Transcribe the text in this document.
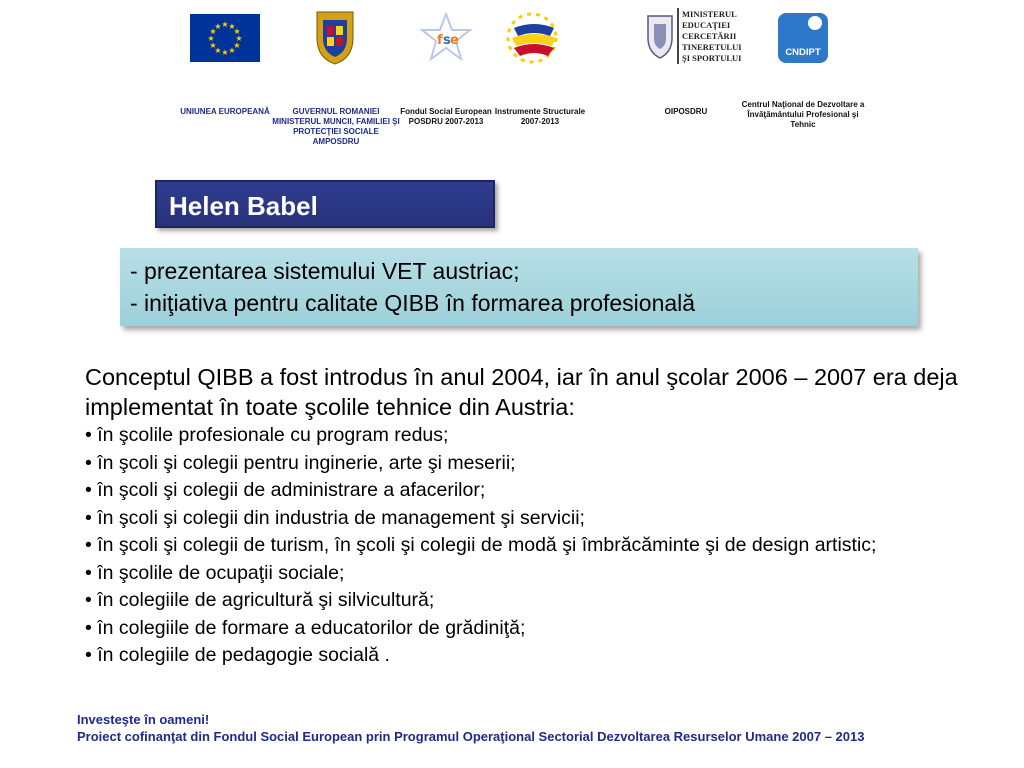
★ ★
★
★
★
★
★
★
★
★
★
★
UNIUNEA EUROPEANĂ	GUVERNUL ROMANIEI
MINISTERUL MUNCII, FAMILIEI ŞI
PROTECŢIEI SOCIALE
AMPOSDRU
f s e
Fondul Social European
POSDRU 2007-2013
Instrumente Structurale
2007-2013
MINISTERUL
EDUCAŢIEI
CERCETĂRII
TINERETULUI
ŞI SPORTULUI
OIPOSDRU
CNDIPT
Centrul Naţional de Dezvoltare a
Învăţământului Profesional şi
Tehnic
Helen Babel
- prezentarea sistemului VET austriac;
- iniţiativa pentru calitate QIBB în formarea profesională
Conceptul QIBB a fost introdus în anul 2004, iar în anul şcolar 2006 – 2007 era deja implementat în toate şcolile tehnice din Austria:
• în şcolile profesionale cu program redus;
• în şcoli şi colegii pentru inginerie, arte şi meserii;
• în şcoli şi colegii de administrare a afacerilor;
• în şcoli şi colegii din industria de management şi servicii;
• în şcoli şi colegii de turism, în şcoli şi colegii de modă şi îmbrăcăminte şi de design artistic;
• în şcolile de ocupaţii sociale;
• în colegiile de agricultură şi silvicultură;
• în colegiile de formare a educatorilor de grădiniţă;
• în colegiile de pedagogie socială .
Investeşte în oameni!
Proiect cofinanţat din Fondul Social European prin Programul Operaţional Sectorial Dezvoltarea Resurselor Umane 2007 – 2013
